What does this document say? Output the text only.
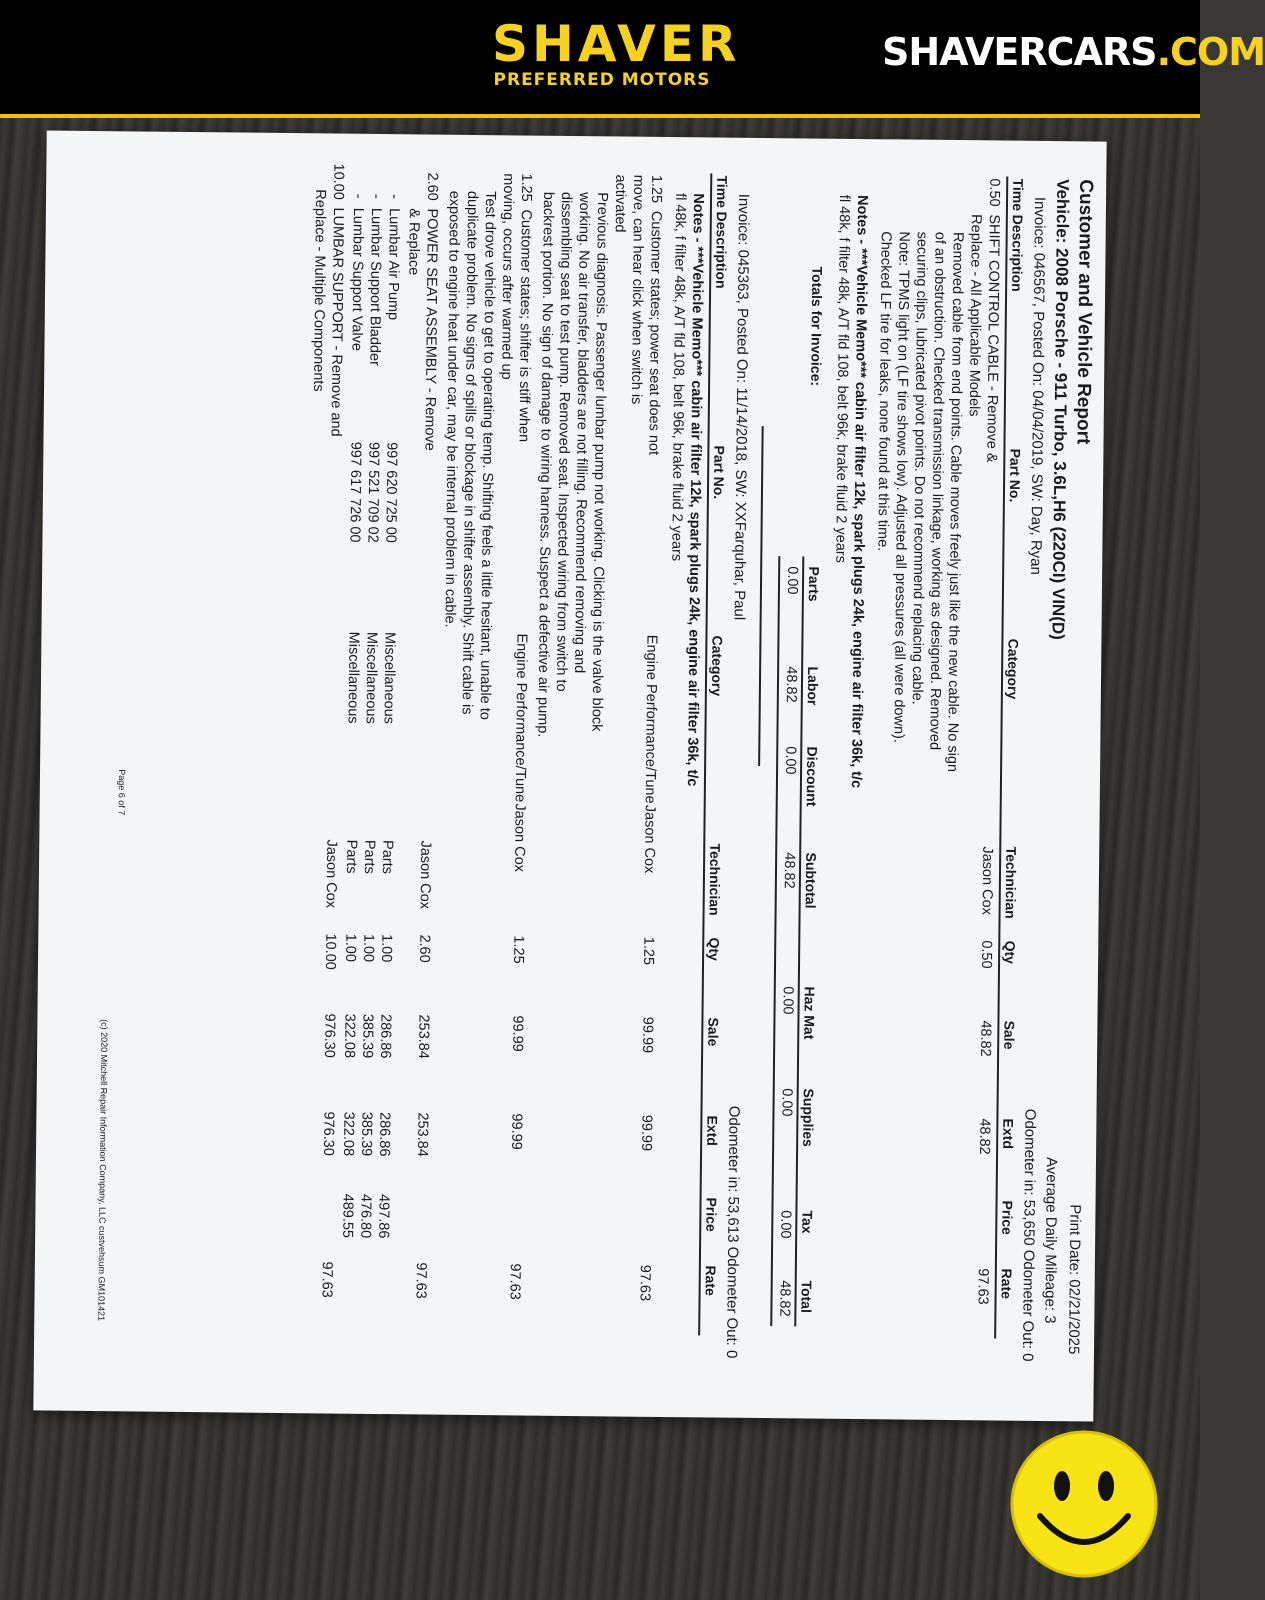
SHAVER
PREFERRED MOTORS
SHAVERCARS.COM
Customer and Vehicle Report
Print Date: 02/21/2025
Vehicle: 2008 Porsche - 911 Turbo, 3.6L,H6 (220CI) VIN(D)
Average Daily Mileage: 3
Invoice: 046567, Posted On: 04/04/2019, SW: Day, Ryan
Odometer in: 53,650 Odometer Out: 0
Time
Description
Part No.
Category
Technician
Qty
Sale
Extd
Price
Rate
0.50
SHIFT CONTROL CABLE - Remove &
Jason Cox
0.50
48.82
48.82
97.63
Replace - All Applicable Models
Removed cable from end points. Cable moves freely just like the new cable. No sign
of an obstruction. Checked transmission linkage, working as designed. Removed
securing clips, lubricated pivot points. Do not recommend replacing cable.
Note: TPMS light on (LF tire shows low). Adjusted all pressures (all were down).
Checked LF tire for leaks, none found at this time.
Notes - ***Vehicle Memo*** cabin air filter 12k, spark plugs 24k, engine air filter 36k, t/c
fl 48k, f filter 48k, A/T fld 108, belt 96k, brake fluid 2 years
Totals for Invoice:
Parts
Labor
Discount
Subtotal
Haz Mat
Supplies
Tax
Total
0.00
48.82
0.00
48.82
0.00
0.00
0.00
48.82
Invoice: 045363, Posted On: 11/14/2018, SW: XXFarquhar, Paul
Odometer in: 53,613 Odometer Out: 0
Time
Description
Part No.
Category
Technician
Qty
Sale
Extd
Price
Rate
Notes - ***Vehicle Memo*** cabin air filter 12k, spark plugs 24k, engine air filter 36k, t/c
fl 48k, f filter 48k, A/T fld 108, belt 96k, brake fluid 2 years
1.25
Customer states; power seat does not
Engine Performance/Tune
Jason Cox
1.25
99.99
99.99
97.63
move, can hear click when switch is
activated
Previous diagnosis. Passenger lumbar pump not working. Clicking is the valve block
working. No air transfer, bladders are not filling. Recommend removing and
dissembling seat to test pump. Removed seat. Inspected wiring from switch to
backrest portion. No sign of damage to wiring harness. Suspect a defective air pump.
1.25
Customer states; shifter is stiff when
Engine Performance/Tune
Jason Cox
1.25
99.99
99.99
97.63
moving, occurs after warmed up
Test drove vehicle to get to operating temp. Shifting feels a little hesitant, unable to
duplicate problem. No signs of spills or blockage in shifter assembly. Shift cable is
exposed to engine heat under car, may be internal problem in cable.
2.60
POWER SEAT ASSEMBLY - Remove
Jason Cox
2.60
253.84
253.84
97.63
& Replace
-
Lumbar Air Pump
997 620 725 00
Miscellaneous
Parts
1.00
286.86
286.86
497.86
-
Lumbar Support Bladder
997 521 709 02
Miscellaneous
Parts
1.00
385.39
385.39
476.80
-
Lumbar Support Valve
997 617 726 00
Miscellaneous
Parts
1.00
322.08
322.08
489.55
10.00
LUMBAR SUPPORT - Remove and
Jason Cox
10.00
976.30
976.30
97.63
Replace - Multiple Components
Page 6 of 7
(c) 2020 Mitchell Repair Information Company, LLC custvehsum GM101421
